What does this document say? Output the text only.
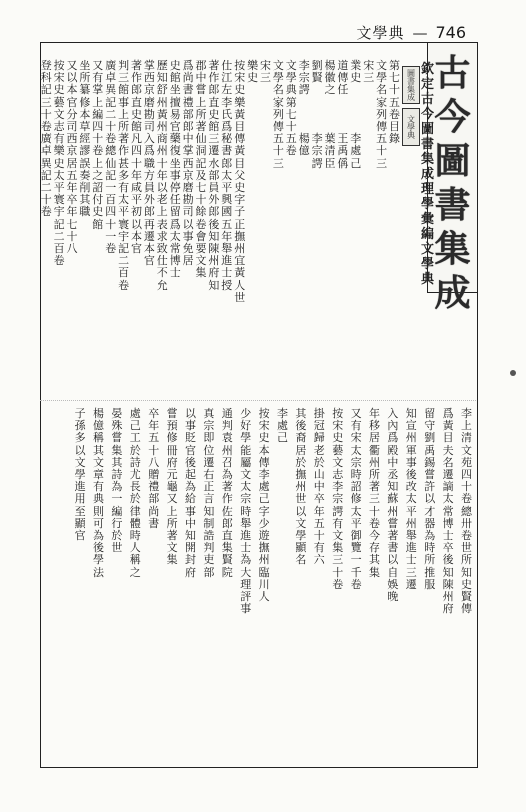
文學典 — 746
古
今
圖
書
集
成
欽
定
古
今
圖
書
集
成
理
學
彙
編
文
學
典
圖書集成
文學典
第
七
十
五
卷
目
錄
文
學
名
家
列
傳
五
十
三
宋
三
業
史

李
處
己
道
傳
任

王
禹
偁
楊
徽
之

葉
清
臣
劉
賢

李
宗
諤
李
宗
諤

楊
億
文
學
典
第
七
十
五
卷
文
學
名
家
列
傳
五
十
三
宋
三
樂
史
按
宋
史
樂
黃
目
傳
黃
目
父
史
字
子
正
撫
州
宜
黃
人
世
仕
江
左
李
氏
爲
秘
書
郎
太
平
興
國
五
年
舉
進
士
授
著
作
郎
直
史
館
三
遷
水
部
員
外
郎
後
知
陳
州
府
知
郡
中
嘗
上
所
著
仙
洞
記
及
七
十
餘
卷
會
要
文
集
爲
尚
書
禮
部
郎
中
掌
西
京
磨
勘
司
以
事
免
居
史
館
坐
擅
易
官
藥
復
坐
事
停
任
留
爲
太
常
博
士
歷
知
舒
州
黃
州
商
州
十
年
以
老
上
表
求
致
仕
不
允
掌
西
京
磨
勘
司
入
爲
職
方
員
外
郎
再
遷
本
官
著
作
郎
直
史
館
凡
四
十
年
咸
平
初
以
本
官
判
三
館
事
上
所
著
作
甚
多
有
太
平
寰
宇
記
二
百
卷
廣
卓
異
記
二
十
卷
總
仙
記
一
百
四
十
一
卷
又
有
掌
上
編
四
十
卷
上
之
詔
付
史
館
坐
所
纂
修
本
草
經
謬
誤
奏
削
其
職
又
以
本
官
分
司
西
京
居
五
年
卒
年
七
十
八
按
宋
史
藝
文
志
有
樂
史
太
平
寰
宇
記
二
百
卷
登
科
記
三
十
卷
廣
卓
異
記
二
十
卷
李
上
清
文
苑
四
十
卷
總
卅
卷
世
所
知
史
賢
傳
爲
黃
目
夫
名
遷
謫
太
常
博
士
卒
後
知
陳
州
府
留
守
劉
禹
錫
嘗
許
以
才
器
為
時
所
推
服
知
宣
州
軍
事
後
改
太
平
州
舉
進
士
三
遷
入
內
爲
殿
中
丞
知
蘇
州
嘗
著
書
以
自
娛
晚
年
移
居
衢
州
所
著
三
十
卷
今
存
其
集
又
有
宋
太
宗
時
詔
修
太
平
御
覽
一
千
卷
按
宋
史
藝
文
志
李
宗
諤
有
文
集
三
十
卷
掛
冠
歸
老
於
山
中
卒
年
五
十
有
六
其
後
裔
居
於
撫
州
世
以
文
學
顯
名
李
處
己
按
宋
史
本
傳
李
處
己
字
少
遊
撫
州
臨
川
人
少
好
學
能
屬
文
太
宗
時
舉
進
士
為
大
理
評
事
通
判
袁
州
召
為
著
作
佐
郎
直
集
賢
院
真
宗
即
位
遷
右
正
言
知
制
誥
判
吏
部
以
事
貶
官
後
起
為
給
事
中
知
開
封
府
嘗
預
修
冊
府
元
龜
又
上
所
著
文
集
卒
年
五
十
八
贈
禮
部
尚
書
處
己
工
於
詩
尤
長
於
律
體
時
人
稱
之
晏
殊
嘗
集
其
詩
為
一
編
行
於
世
楊
億
稱
其
文
章
有
典
則
可
為
後
學
法
子
孫
多
以
文
學
進
用
至
顯
官
